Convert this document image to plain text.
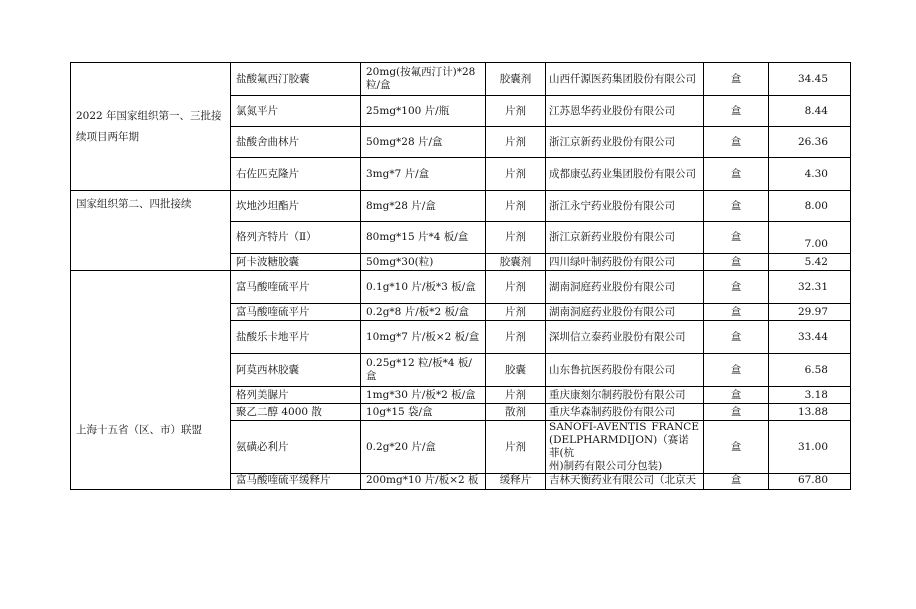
2022 年国家组织第一、三批接续项目两年期	盐酸氟西汀胶囊	20mg(按氟西汀计)*28粒/盒	胶囊剂	山西仟源医药集团股份有限公司	盒	34.45
	氯氮平片	25mg*100 片/瓶	片剂	江苏恩华药业股份有限公司	盒	8.44
	盐酸舍曲林片	50mg*28 片/盒	片剂	浙江京新药业股份有限公司	盒	26.36
	右佐匹克隆片	3mg*7 片/盒	片剂	成都康弘药业集团股份有限公司	盒	4.30
国家组织第二、四批接续	坎地沙坦酯片	8mg*28 片/盒	片剂	浙江永宁药业股份有限公司	盒	8.00
	格列齐特片（Ⅱ）	80mg*15 片*4 板/盒	片剂	浙江京新药业股份有限公司	盒	7.00
	阿卡波糖胶囊	50mg*30(粒)	胶囊剂	四川绿叶制药股份有限公司	盒	5.42
上海十五省（区、市）联盟	富马酸喹硫平片	0.1g*10 片/板*3 板/盒	片剂	湖南洞庭药业股份有限公司	盒	32.31
	富马酸喹硫平片	0.2g*8 片/板*2 板/盒	片剂	湖南洞庭药业股份有限公司	盒	29.97
	盐酸乐卡地平片	10mg*7 片/板×2 板/盒	片剂	深圳信立泰药业股份有限公司	盒	33.44
	阿莫西林胶囊	0.25g*12 粒/板*4 板/盒	胶囊	山东鲁抗医药股份有限公司	盒	6.58
	格列美脲片	1mg*30 片/板*2 板/盒	片剂	重庆康刻尔制药股份有限公司	盒	3.18
	聚乙二醇 4000 散	10g*15 袋/盒	散剂	重庆华森制药股份有限公司	盒	13.88
	氨磺必利片	0.2g*20 片/盒	片剂	SANOFI-AVENTIS FRANCE
(DELPHARMDIJON)（赛诺菲(杭
州)制药有限公司分包装)	盒	31.00
	富马酸喹硫平缓释片	200mg*10 片/板×2 板	缓释片	吉林天衡药业有限公司（北京天	盒	67.80
